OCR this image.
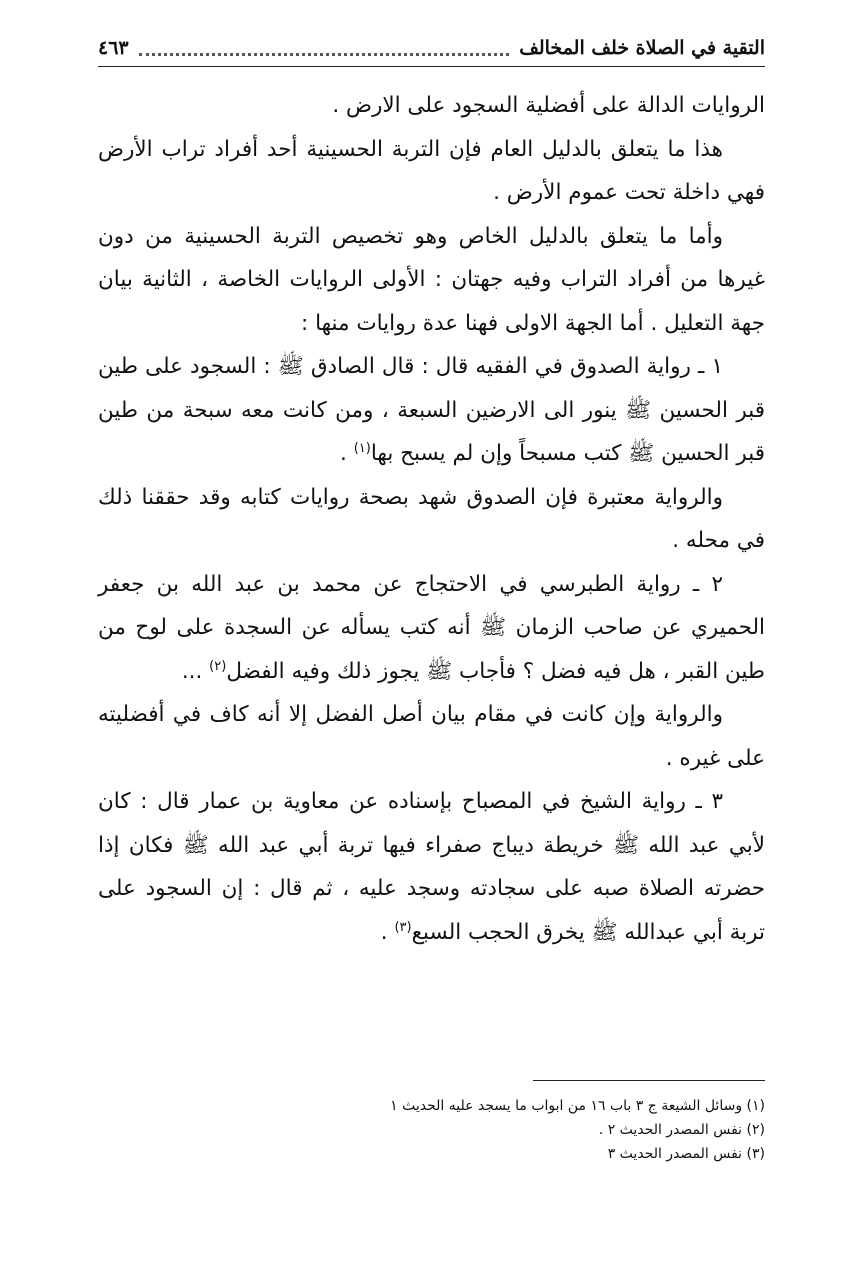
التقية في الصلاة خلف المخالف
٤٦٣

الروايات الدالة على أفضلية السجود على الارض .

هذا ما يتعلق بالدليل العام فإن التربة الحسينية أحد أفراد تراب الأرض فهي داخلة تحت عموم الأرض .

وأما ما يتعلق بالدليل الخاص وهو تخصيص التربة الحسينية من دون غيرها من أفراد التراب وفيه جهتان : الأولى الروايات الخاصة ، الثانية بيان جهة التعليل . أما الجهة الاولى فهنا عدة روايات منها :

١ ـ رواية الصدوق في الفقيه قال : قال الصادق ﷺ : السجود على طين قبر الحسين ﷺ ينور الى الارضين السبعة ، ومن كانت معه سبحة من طين قبر الحسين ﷺ كتب مسبحاً وإن لم يسبح بها$^{(١)}$ .

والرواية معتبرة فإن الصدوق شهد بصحة روايات كتابه وقد حققنا ذلك في محله .

٢ ـ رواية الطبرسي في الاحتجاج عن محمد بن عبد الله بن جعفر الحميري عن صاحب الزمان ﷺ أنه كتب يسأله عن السجدة على لوح من طين القبر ، هل فيه فضل ؟ فأجاب ﷺ يجوز ذلك وفيه الفضل$^{(٢)}$ ...

والرواية وإن كانت في مقام بيان أصل الفضل إلا أنه كاف في أفضليته على غيره .

٣ ـ رواية الشيخ في المصباح بإسناده عن معاوية بن عمار قال : كان لأبي عبد الله ﷺ خريطة ديباج صفراء فيها تربة أبي عبد الله ﷺ فكان إذا حضرته الصلاة صبه على سجادته وسجد عليه ، ثم قال : إن السجود على تربة أبي عبدالله ﷺ يخرق الحجب السبع$^{(٣)}$ .

(١) وسائل الشيعة ج ٣ باب ١٦ من ابواب ما يسجد عليه الحديث ١
(٢) نفس المصدر الحديث ٢ .
(٣) نفس المصدر الحديث ٣
